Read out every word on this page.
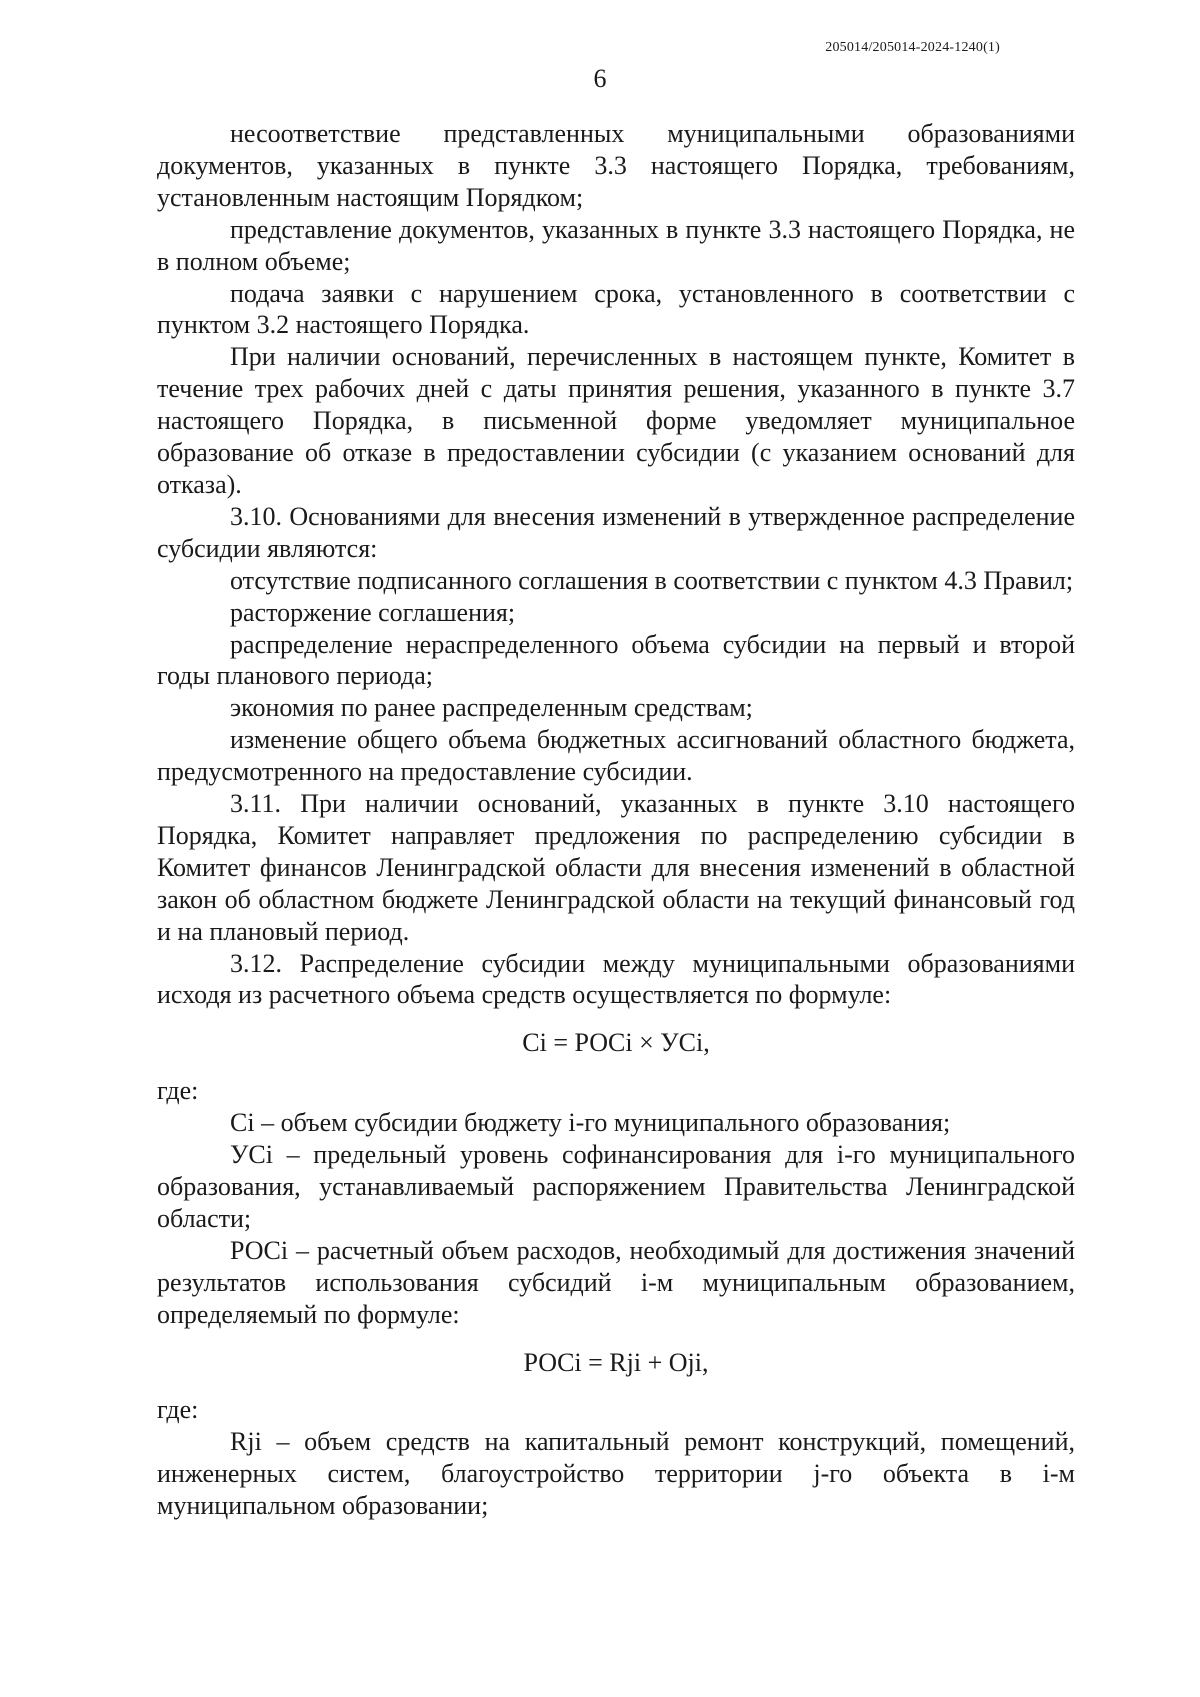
205014/205014-2024-1240(1)
6

несоответствие представленных муниципальными образованиями документов, указанных в пункте 3.3 настоящего Порядка, требованиям, установленным настоящим Порядком;

представление документов, указанных в пункте 3.3 настоящего Порядка, не в полном объеме;

подача заявки с нарушением срока, установленного в соответствии с пунктом 3.2 настоящего Порядка.

При наличии оснований, перечисленных в настоящем пункте, Комитет в течение трех рабочих дней с даты принятия решения, указанного в пункте 3.7 настоящего Порядка, в письменной форме уведомляет муниципальное образование об отказе в предоставлении субсидии (с указанием оснований для отказа).

3.10. Основаниями для внесения изменений в утвержденное распределение субсидии являются:

отсутствие подписанного соглашения в соответствии с пунктом 4.3 Правил;

расторжение соглашения;

распределение нераспределенного объема субсидии на первый и второй годы планового периода;

экономия по ранее распределенным средствам;

изменение общего объема бюджетных ассигнований областного бюджета, предусмотренного на предоставление субсидии.

3.11. При наличии оснований, указанных в пункте 3.10 настоящего Порядка, Комитет направляет предложения по распределению субсидии в Комитет финансов Ленинградской области для внесения изменений в областной закон об областном бюджете Ленинградской области на текущий финансовый год и на плановый период.

3.12. Распределение субсидии между муниципальными образованиями исходя из расчетного объема средств осуществляется по формуле:

Ci = РОCi × УCi,

где:

Ci – объем субсидии бюджету i-го муниципального образования;

УCi – предельный уровень софинансирования для i-го муниципального образования, устанавливаемый распоряжением Правительства Ленинградской области;

РОCi – расчетный объем расходов, необходимый для достижения значений результатов использования субсидий i-м муниципальным образованием, определяемый по формуле:

РОCi = Rji + Oji,

где:

Rji – объем средств на капитальный ремонт конструкций, помещений, инженерных систем, благоустройство территории j-го объекта в i-м муниципальном образовании;
